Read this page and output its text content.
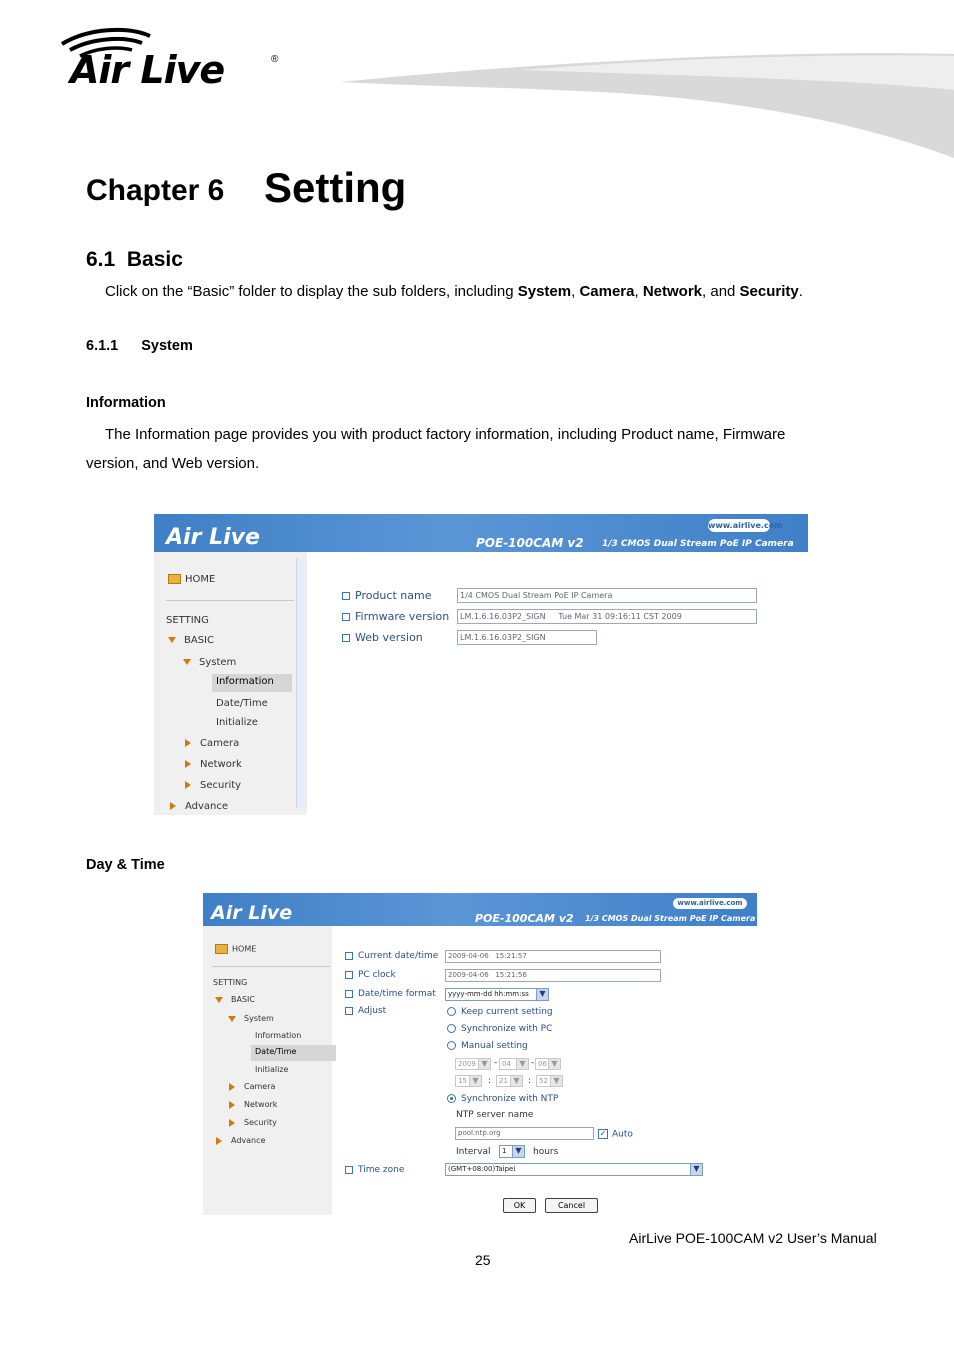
Air Live	®
Chapter 6 Setting
6.1  Basic
Click on the “Basic” folder to display the sub folders, including System, Camera, Network, and Security.
6.1.1 System
Information
The Information page provides you with product factory information, including Product name, Firmware
version, and Web version.
Air Live	www.airlive.com
POE-100CAM v2 1/3 CMOS Dual Stream PoE IP Camera
HOME
SETTING
BASIC
System
Information
Date/Time
Initialize
Camera
Network
Security
Advance
Product name	1/4 CMOS Dual Stream PoE IP Camera
Firmware version	LM.1.6.16.03P2_SIGN     Tue Mar 31 09:16:11 CST 2009
Web version	LM.1.6.16.03P2_SIGN
Day & Time
Air Live	www.airlive.com
POE-100CAM v2 1/3 CMOS Dual Stream PoE IP Camera
HOME
SETTING
BASIC
System
Information
Date/Time
Initialize
Camera
Network
Security
Advance
Current date/time	2009-04-06   15:21:57
PC clock	2009-04-06   15:21:56
Date/time format	yyyy-mm-dd hh:mm:ss	▼
Adjust	Keep current setting
Synchronize with PC
Manual setting
2009 ▼ - 04	▼ - 06 ▼
15 ▼ :	21 ▼ :	52 ▼
Synchronize with NTP
NTP server name
pool.ntp.org	✓ Auto
Interval	1	▼ hours
Time zone	(GMT+08:00)Taipei	▼
OK	Cancel
AirLive POE-100CAM v2 User’s Manual
25
